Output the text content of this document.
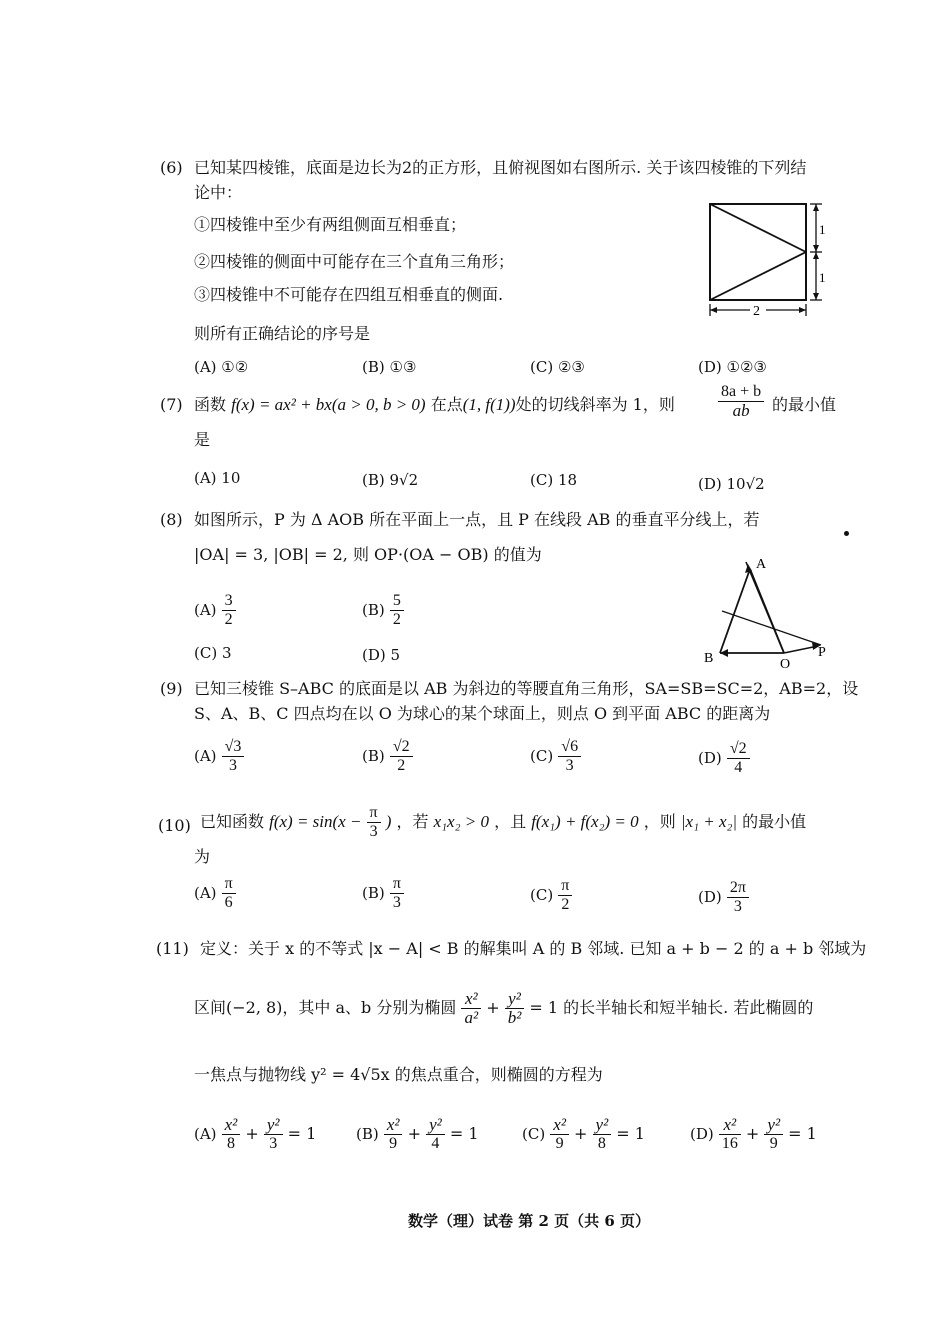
(6) 已知某四棱锥，底面是边长为2的正方形，且俯视图如右图所示. 关于该四棱锥的下列结
论中：
①四棱锥中至少有两组侧面互相垂直；
②四棱锥的侧面中可能存在三个直角三角形；
③四棱锥中不可能存在四组互相垂直的侧面.
则所有正确结论的序号是
(A) ①②	(B) ①③	(C) ②③	(D) ①②③
1
1
2
(7) 函数 f(x) = ax² + bx(a > 0, b > 0) 在点(1, f(1))处的切线斜率为 1，则	$\frac{8a + b}{ab}$ 的最小值
是
(A) 10	(B) 9√2	(C) 18	(D) 10√2
(8) 如图所示，P 为 Δ AOB 所在平面上一点，且 P 在线段 AB 的垂直平分线上，若
|OA| = 3, |OB| = 2, 则 OP·(OA − OB) 的值为
$(A) \frac{3}{2}$	$(B) \frac{5}{2}$
(C) 3	(D) 5
A
B	O
P
(9) 已知三棱锥 S–ABC 的底面是以 AB 为斜边的等腰直角三角形，SA=SB=SC=2，AB=2，设
S、A、B、C 四点均在以 O 为球心的某个球面上，则点 O 到平面 ABC 的距离为
$(A) \frac{√3}{3}$	$(B) \frac{√2}{2}$	$(C) \frac{√6}{3}$	$(D) \frac{√2}{4}$
(10) 已知函数 $f(x) = \sin(x - \frac{\pi}{3}$ ) ，若 x₁x₂ > 0 ，且 f(x₁) + f(x₂) = 0 ，则 |x₁ + x₂| 的最小值
为
$(A) \frac{\pi}{6}$	$(B) \frac{\pi}{3}$	$(C) \frac{\pi}{2}$	$(D) \frac{2\pi}{3}$
(11) 定义：关于 x 的不等式 |x − A| < B 的解集叫 A 的 B 邻域. 已知 a + b − 2 的 a + b 邻域为
区间(−2, 8)，其中 a、b 分别为椭圆 $\frac{\text{x²}}{\text{a²}} + \frac{\text{y²}}{\text{b²}} = 1$ 的长半轴长和短半轴长. 若此椭圆的
一焦点与抛物线 y² = 4√5x 的焦点重合，则椭圆的方程为
$(A) \frac{\text{x²}}{8} + \frac{\text{y²}}{3} = 1$	$(B) \frac{\text{x²}}{9} + \frac{\text{y²}}{4} = 1$	$(C) \frac{\text{x²}}{9} + \frac{\text{y²}}{8} = 1$	$(D) \frac{\text{x²}}{16} + \frac{\text{y²}}{9} = 1$
数学（理）试卷 第 2 页（共 6 页）
